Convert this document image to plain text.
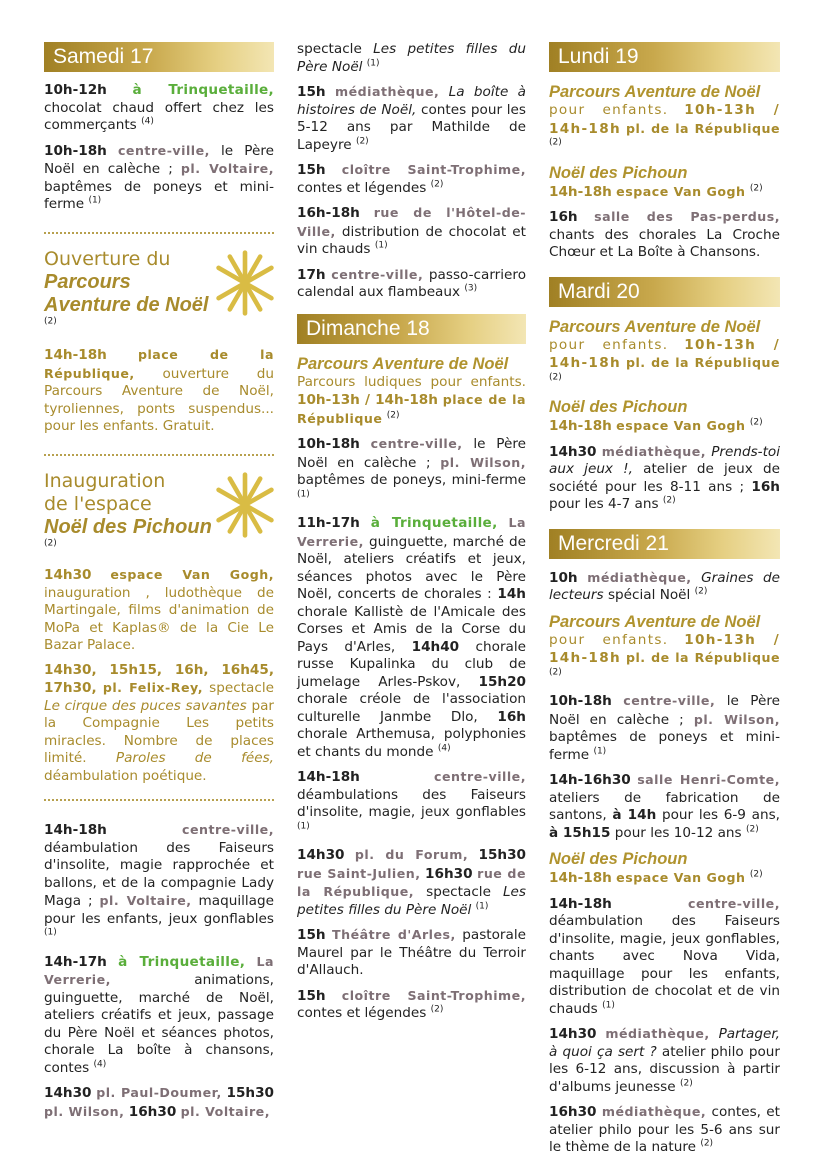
Samedi 17

10h-12h à Trinquetaille, chocolat chaud offert chez les commerçants $^{(4)}$

10h-18h centre-ville, le Père Noël en calèche ; pl. Voltaire, baptêmes de poneys et mini-ferme $^{(1)}$

Ouverture du
Parcours
Aventure de Noël $^{(2)}$

14h-18h place de la République, ouverture du Parcours Aventure de Noël, tyroliennes, ponts suspendus... pour les enfants. Gratuit.

Inauguration
de l'espace
Noël des Pichoun $^{(2)}$

14h30 espace Van Gogh, inauguration , ludothèque de Martingale, films d'animation de MoPa et Kaplas® de la Cie Le Bazar Palace.

14h30, 15h15, 16h, 16h45, 17h30, pl. Felix-Rey, spectacle Le cirque des puces savantes par la Compagnie Les petits miracles. Nombre de places limité. Paroles de fées, déambulation poétique.

14h-18h	centre-ville, déambulation des Faiseurs d'insolite, magie rapprochée et ballons, et de la compagnie Lady Maga ; pl. Voltaire, maquillage pour les enfants, jeux gonflables $^{(1)}$

14h-17h à Trinquetaille, La Verrerie,	animations, guinguette, marché de Noël, ateliers créatifs et jeux, passage du Père Noël et séances photos, chorale La boîte à chansons, contes $^{(4)}$

14h30 pl. Paul-Doumer, 15h30 pl. Wilson, 16h30 pl. Voltaire,

spectacle Les petites filles du Père Noël $^{(1)}$

15h médiathèque, La boîte à histoires de Noël, contes pour les 5-12 ans par Mathilde de Lapeyre $^{(2)}$

15h cloître Saint-Trophime, contes et légendes $^{(2)}$

16h-18h rue de l'Hôtel-de-Ville, distribution de chocolat et vin chauds $^{(1)}$

17h centre-ville, passo-carriero calendal aux flambeaux $^{(3)}$

Dimanche 18
Parcours Aventure de Noël

Parcours ludiques pour enfants. 10h-13h / 14h-18h place de la République $^{(2)}$

10h-18h centre-ville, le Père Noël en calèche ; pl. Wilson, baptêmes de poneys, mini-ferme $^{(1)}$

11h-17h à Trinquetaille, La Verrerie, guinguette, marché de Noël, ateliers créatifs et jeux, séances photos avec le Père Noël, concerts de chorales : 14h chorale Kallistè de l'Amicale des Corses et Amis de la Corse du Pays d'Arles, 14h40 chorale russe Kupalinka du club de jumelage Arles-Pskov, 15h20 chorale créole de l'association culturelle Janmbe Dlo, 16h chorale Arthemusa, polyphonies et chants du monde $^{(4)}$

14h-18h	centre-ville, déambulations des Faiseurs d'insolite, magie, jeux gonflables $^{(1)}$

14h30 pl. du Forum, 15h30 rue Saint-Julien, 16h30 rue de la République, spectacle Les petites filles du Père Noël $^{(1)}$

15h Théâtre d'Arles, pastorale Maurel par le Théâtre du Terroir d'Allauch.

15h cloître Saint-Trophime, contes et légendes $^{(2)}$

Lundi 19
Parcours Aventure de Noël

pour enfants. 10h-13h / 14h-18h pl. de la République $^{(2)}$

Noël des Pichoun

14h-18h espace Van Gogh $^{(2)}$

16h salle des Pas-perdus, chants des chorales La Croche Chœur et La Boîte à Chansons.

Mardi 20
Parcours Aventure de Noël

pour enfants. 10h-13h / 14h-18h pl. de la République $^{(2)}$

Noël des Pichoun

14h-18h espace Van Gogh $^{(2)}$

14h30 médiathèque, Prends-toi aux jeux !, atelier de jeux de société pour les 8-11 ans ; 16h pour les 4-7 ans $^{(2)}$

Mercredi 21

10h médiathèque, Graines de lecteurs spécial Noël $^{(2)}$

Parcours Aventure de Noël

pour enfants. 10h-13h / 14h-18h pl. de la République $^{(2)}$

10h-18h centre-ville, le Père Noël en calèche ; pl. Wilson, baptêmes de poneys et mini-ferme $^{(1)}$

14h-16h30 salle Henri-Comte, ateliers de fabrication de santons, à 14h pour les 6-9 ans, à 15h15 pour les 10-12 ans $^{(2)}$

Noël des Pichoun

14h-18h espace Van Gogh $^{(2)}$

14h-18h	centre-ville, déambulation des Faiseurs d'insolite, magie, jeux gonflables, chants avec Nova Vida, maquillage pour les enfants, distribution de chocolat et de vin chauds $^{(1)}$

14h30 médiathèque, Partager, à quoi ça sert ? atelier philo pour les 6-12 ans, discussion à partir d'albums jeunesse $^{(2)}$

16h30 médiathèque, contes, et atelier philo pour les 5-6 ans sur le thème de la nature $^{(2)}$
